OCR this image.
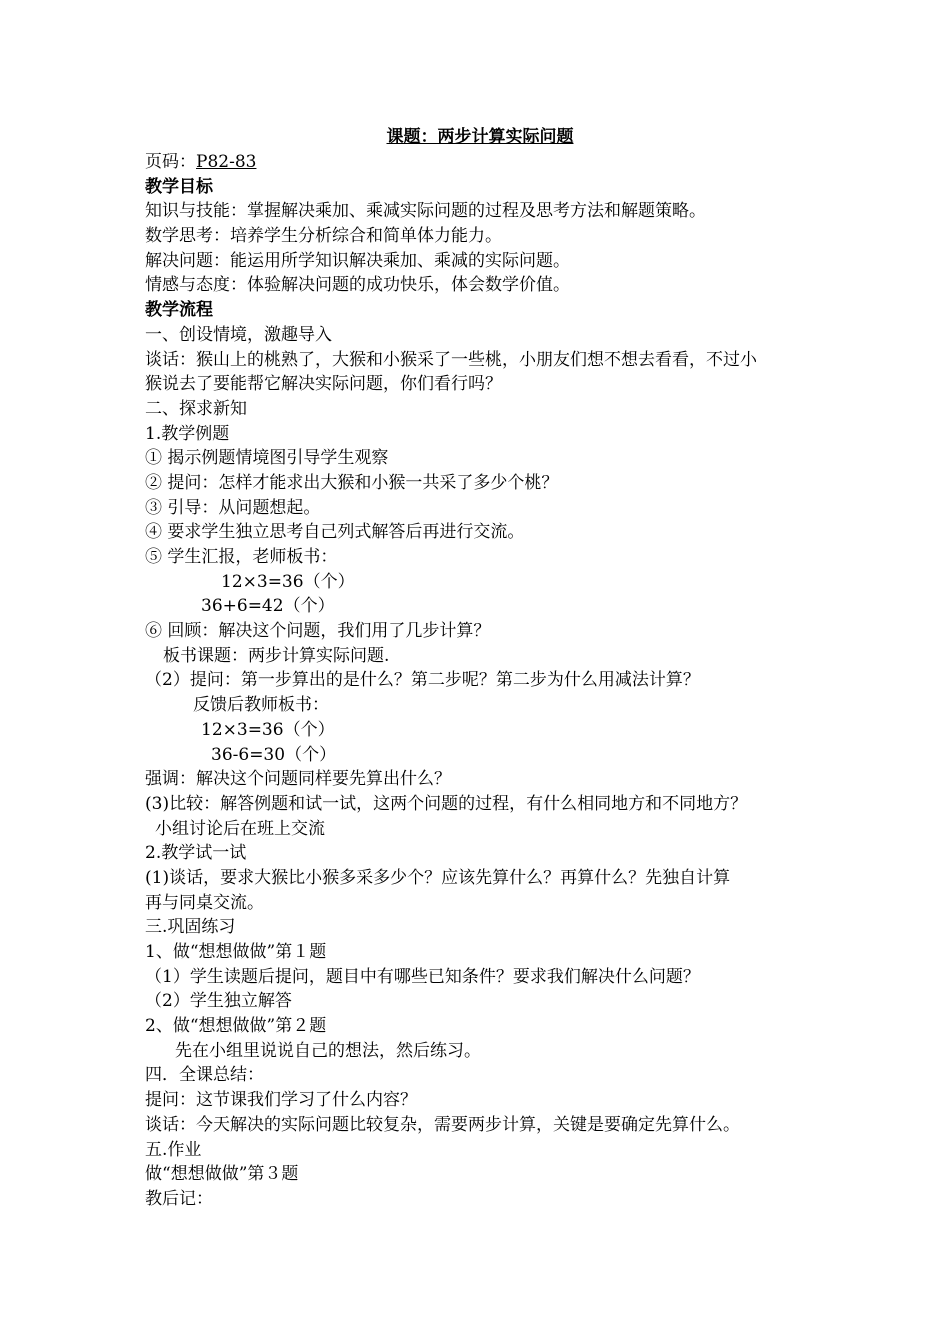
课题：两步计算实际问题
页码：P82-83
教学目标
知识与技能：掌握解决乘加、乘减实际问题的过程及思考方法和解题策略。
数学思考：培养学生分析综合和简单体力能力。
解决问题：能运用所学知识解决乘加、乘减的实际问题。
情感与态度：体验解决问题的成功快乐，体会数学价值。
教学流程
一、创设情境，激趣导入
谈话：猴山上的桃熟了，大猴和小猴采了一些桃，小朋友们想不想去看看，不过小
猴说去了要能帮它解决实际问题，你们看行吗？
二、探求新知
1.教学例题
① 揭示例题情境图引导学生观察
② 提问：怎样才能求出大猴和小猴一共采了多少个桃？
③ 引导：从问题想起。
④ 要求学生独立思考自己列式解答后再进行交流。
⑤ 学生汇报，老师板书：
12×3=36（个）
36+6=42（个）
⑥ 回顾：解决这个问题，我们用了几步计算？
板书课题：两步计算实际问题.
（2）提问：第一步算出的是什么？第二步呢？第二步为什么用减法计算？
反馈后教师板书：
12×3=36（个）
36-6=30（个）
强调：解决这个问题同样要先算出什么？
(3)比较：解答例题和试一试，这两个问题的过程，有什么相同地方和不同地方？
小组讨论后在班上交流
2.教学试一试
(1)谈话，要求大猴比小猴多采多少个？应该先算什么？再算什么？先独自计算
再与同桌交流。
三.巩固练习
1、做“想想做做”第１题
（1）学生读题后提问，题目中有哪些已知条件？要求我们解决什么问题？
（2）学生独立解答
2、做“想想做做”第２题
先在小组里说说自己的想法，然后练习。
四．全课总结：
提问：这节课我们学习了什么内容？
谈话：今天解决的实际问题比较复杂，需要两步计算，关键是要确定先算什么。
五.作业
做“想想做做”第３题
教后记：
